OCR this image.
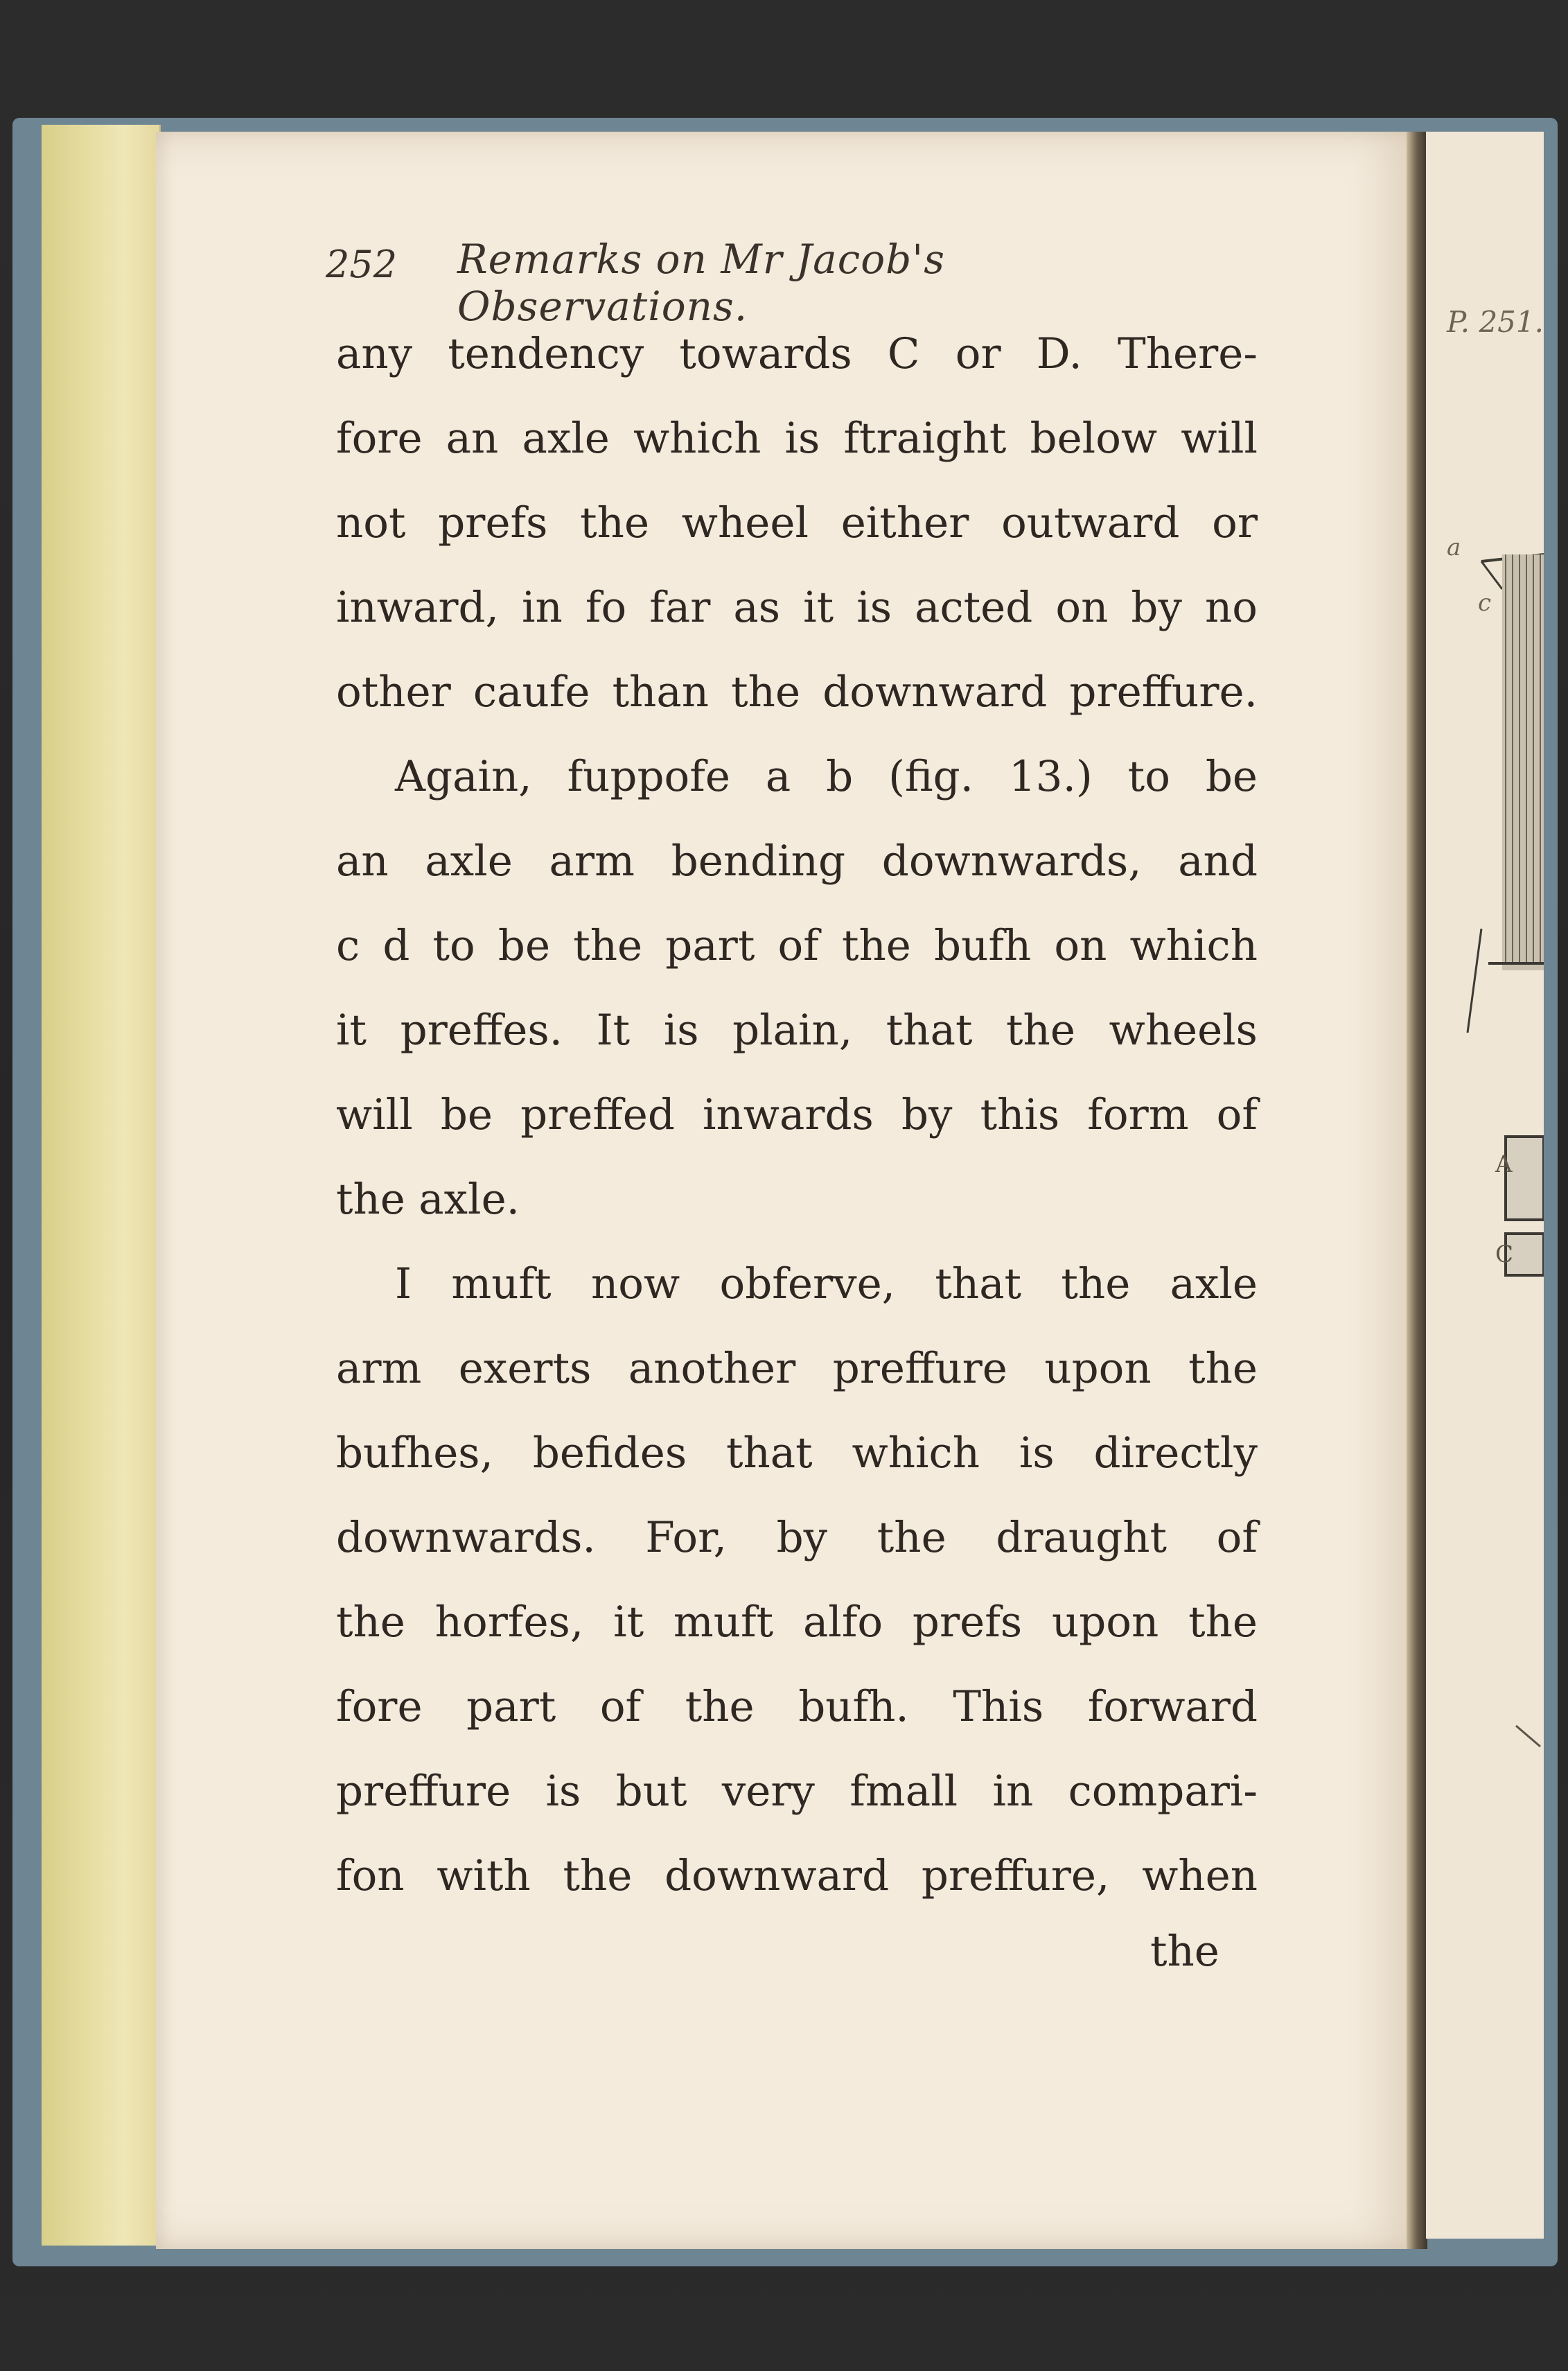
252 Remarks on Mr Jacob's Observations.
any tendency towards C or D. There-
fore an axle which is ftraight below will
not prefs the wheel either outward or
inward, in fo far as it is acted on by no
other caufe than the downward preffure.
Again, fuppofe a b (fig. 13.) to be
an axle arm bending downwards, and
c d to be the part of the bufh on which
it preffes. It is plain, that the wheels
will be preffed inwards by this form of
the axle.
I muft now obferve, that the axle
arm exerts another preffure upon the
bufhes, befides that which is directly
downwards. For, by the draught of
the horfes, it muft alfo prefs upon the
fore part of the bufh. This forward
preffure is but very fmall in compari-
fon with the downward preffure, when
the
P. 251.
a
c
A
C
